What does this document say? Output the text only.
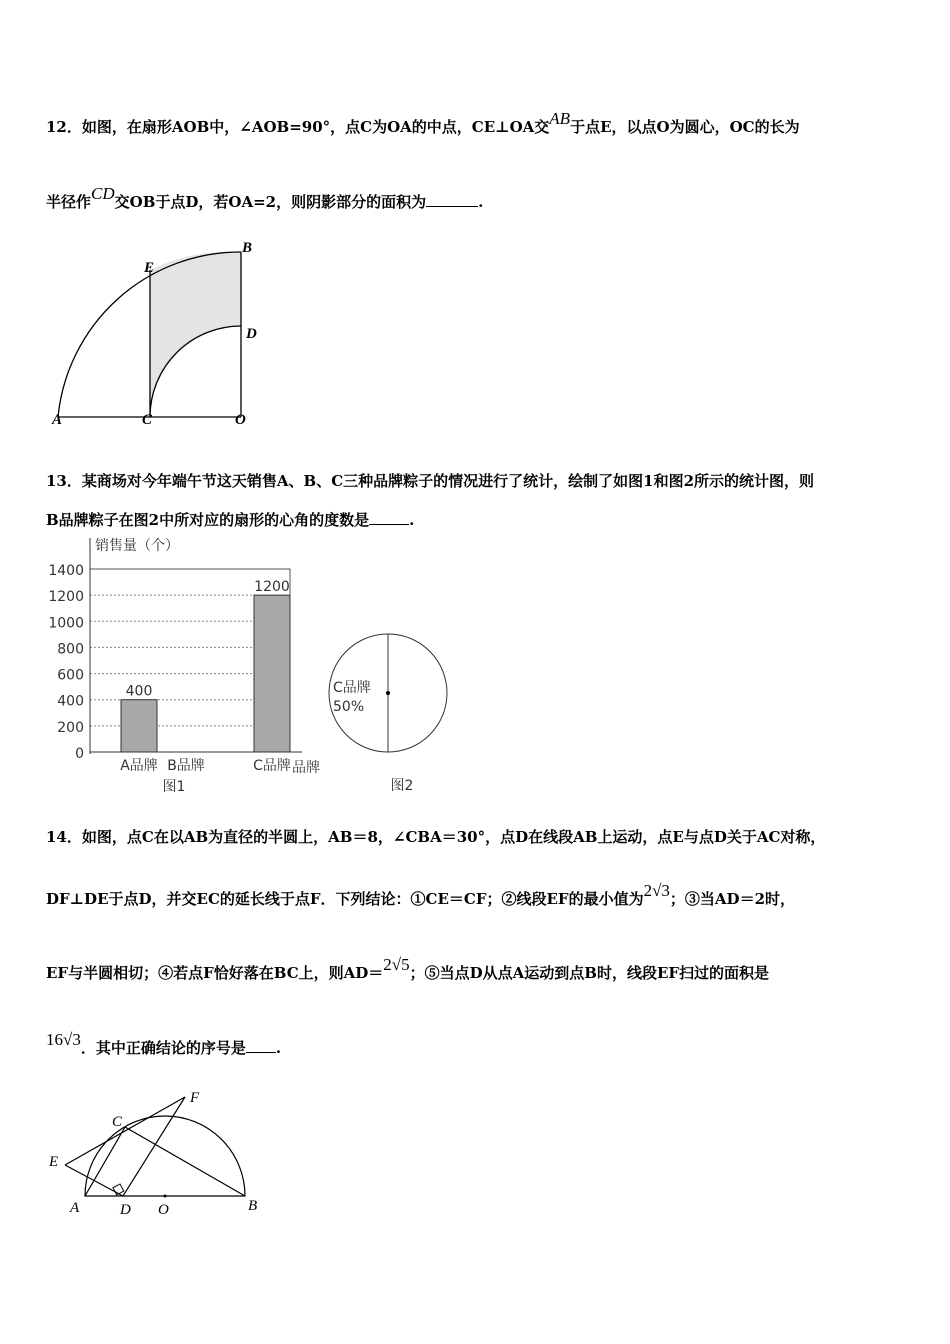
12．如图，在扇形AOB中，∠AOB=90°，点C为OA的中点，CE⊥OA交AB于点E，以点O为圆心，OC的长为
半径作CD交OB于点D，若OA=2，则阴影部分的面积为	.
A
B
C
D
E
O
13．某商场对今年端午节这天销售A、B、C三种品牌粽子的情况进行了统计，绘制了如图1和图2所示的统计图，则
B品牌粽子在图2中所对应的扇形的心角的度数是	.
0
200
400
600
800
1000
1200
1400
销售量（个）
400
A品牌 B品牌
1200
C品牌 品牌
图1
C品牌
50%
图2
14．如图，点C在以AB为直径的半圆上，AB＝8，∠CBA＝30°，点D在线段AB上运动，点E与点D关于AC对称，
DF⊥DE于点D，并交EC的延长线于点F．下列结论：①CE＝CF；②线段EF的最小值为2√3；③当AD＝2时，
EF与半圆相切；④若点F恰好落在BC上，则AD＝2√5；⑤当点D从点A运动到点B时，线段EF扫过的面积是
16√3．其中正确结论的序号是 .
A	B
C
D
E
F
O
